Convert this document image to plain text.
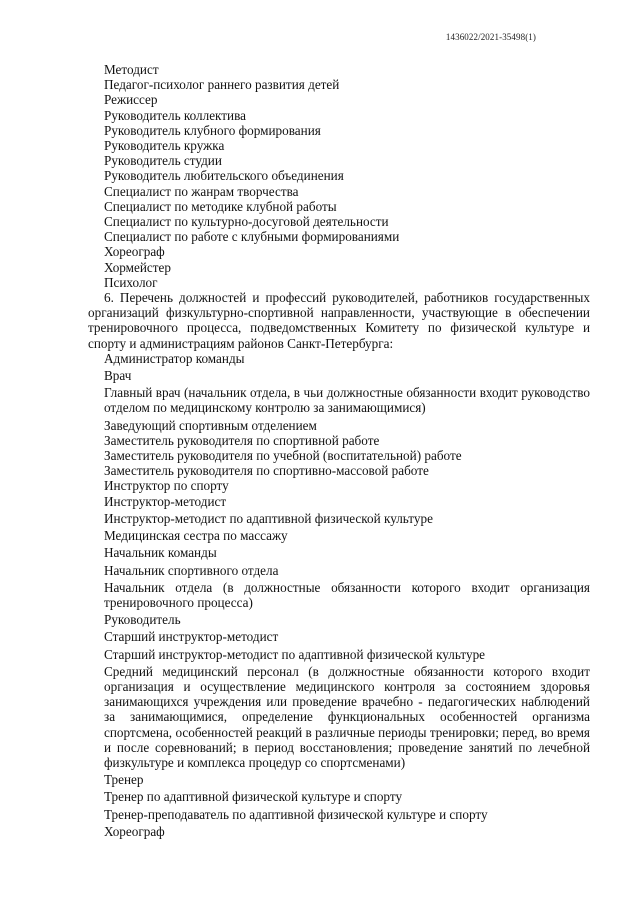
1436022/2021-35498(1)
Методист
Педагог-психолог раннего развития детей
Режиссер
Руководитель коллектива
Руководитель клубного формирования
Руководитель кружка
Руководитель студии
Руководитель любительского объединения
Специалист по жанрам творчества
Специалист по методике клубной работы
Специалист по культурно-досуговой деятельности
Специалист по работе с клубными формированиями
Хореограф
Хормейстер
Психолог
6. Перечень должностей и профессий руководителей, работников государственных организаций физкультурно-спортивной направленности, участвующие в обеспечении тренировочного процесса, подведомственных Комитету по физической культуре и спорту и администрациям районов Санкт-Петербурга:
Администратор команды
Врач
Главный врач (начальник отдела, в чьи должностные обязанности входит руководство отделом по медицинскому контролю за занимающимися)
Заведующий спортивным отделением
Заместитель руководителя по спортивной работе
Заместитель руководителя по учебной (воспитательной) работе
Заместитель руководителя по спортивно-массовой работе
Инструктор по спорту
Инструктор-методист
Инструктор-методист по адаптивной физической культуре
Медицинская сестра по массажу
Начальник команды
Начальник спортивного отдела
Начальник отдела (в должностные обязанности которого входит организация тренировочного процесса)
Руководитель
Старший инструктор-методист
Старший инструктор-методист по адаптивной физической культуре
Средний медицинский персонал (в должностные обязанности которого входит организация и осуществление медицинского контроля за состоянием здоровья занимающихся учреждения или проведение врачебно - педагогических наблюдений за занимающимися, определение функциональных особенностей организма спортсмена, особенностей реакций в различные периоды тренировки; перед, во время и после соревнований; в период восстановления; проведение занятий по лечебной физкультуре и комплекса процедур со спортсменами)
Тренер
Тренер по адаптивной физической культуре и спорту
Тренер-преподаватель по адаптивной физической культуре и спорту
Хореограф
